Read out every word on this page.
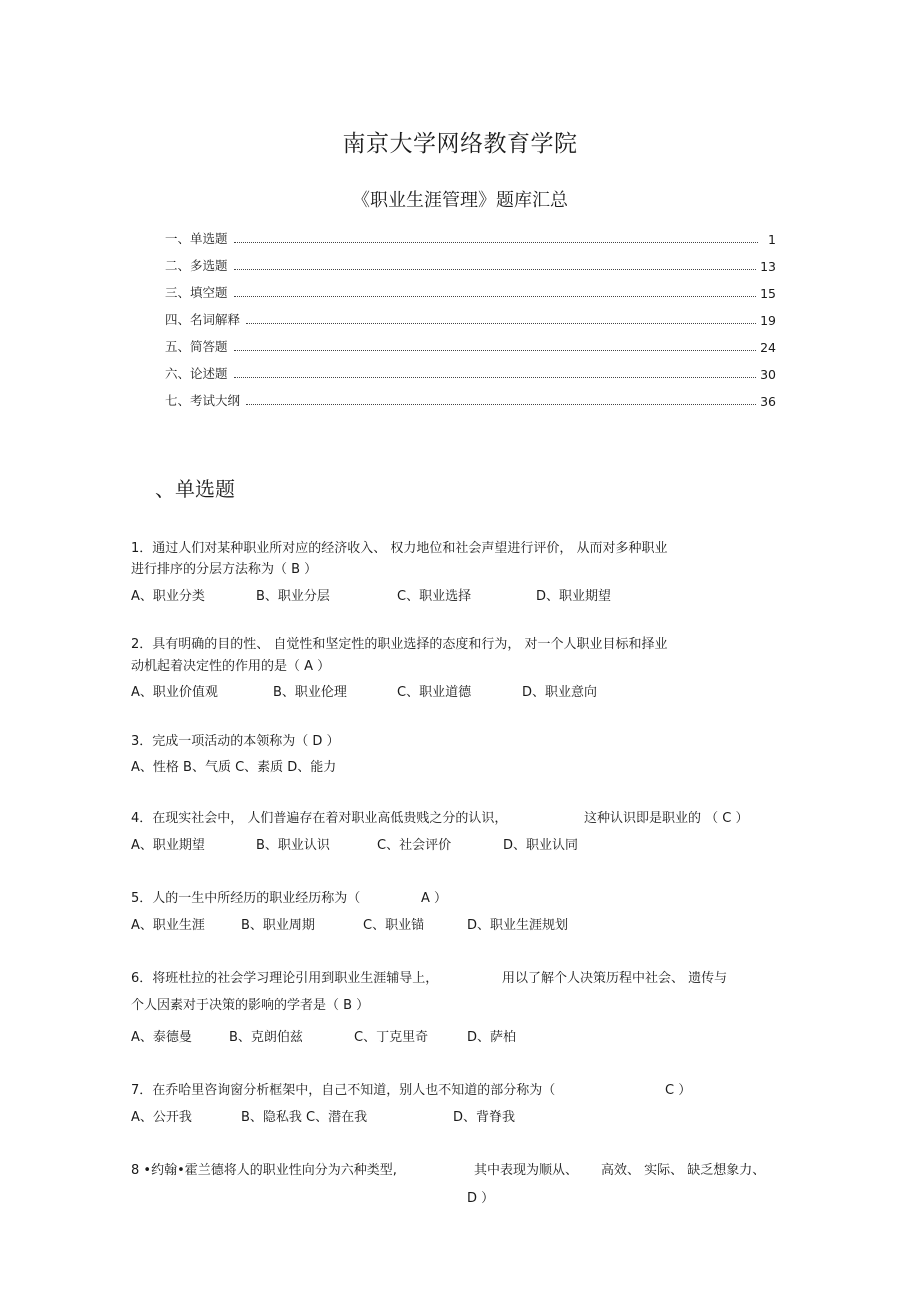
南京大学网络教育学院
《职业生涯管理》题库汇总
一、单选题	1
二、多选题	13
三、填空题	15
四、名词解释	19
五、简答题	24
六、论述题	30
七、考试大纲	36
、单选题
1．通过人们对某种职业所对应的经济收入、 权力地位和社会声望进行评价， 从而对多种职业
进行排序的分层方法称为（ B ）
A、职业分类	B、职业分层	C、职业选择	D、职业期望
2．具有明确的目的性、 自觉性和坚定性的职业选择的态度和行为， 对一个人职业目标和择业
动机起着决定性的作用的是（ A ）
A、职业价值观	B、职业伦理	C、职业道德	D、职业意向
3．完成一项活动的本领称为（ D ）
A、性格 B、气质 C、素质 D、能力
4．在现实社会中， 人们普遍存在着对职业高低贵贱之分的认识，	这种认识即是职业的 （ C ）
A、职业期望	B、职业认识	C、社会评价	D、职业认同
5．人的一生中所经历的职业经历称为（	A ）
A、职业生涯	B、职业周期	C、职业锚	D、职业生涯规划
6．将班杜拉的社会学习理论引用到职业生涯辅导上，	用以了解个人决策历程中社会、 遗传与
个人因素对于决策的影响的学者是（ B ）
A、泰德曼	B、克朗伯兹	C、丁克里奇	D、萨柏
7．在乔哈里咨询窗分析框架中，自己不知道，别人也不知道的部分称为（	C ）
A、公开我	B、隐私我 C、潜在我	D、背脊我
8 •约翰•霍兰德将人的职业性向分为六种类型,	其中表现为顺从、 高效、 实际、 缺乏想象力、
D ）
